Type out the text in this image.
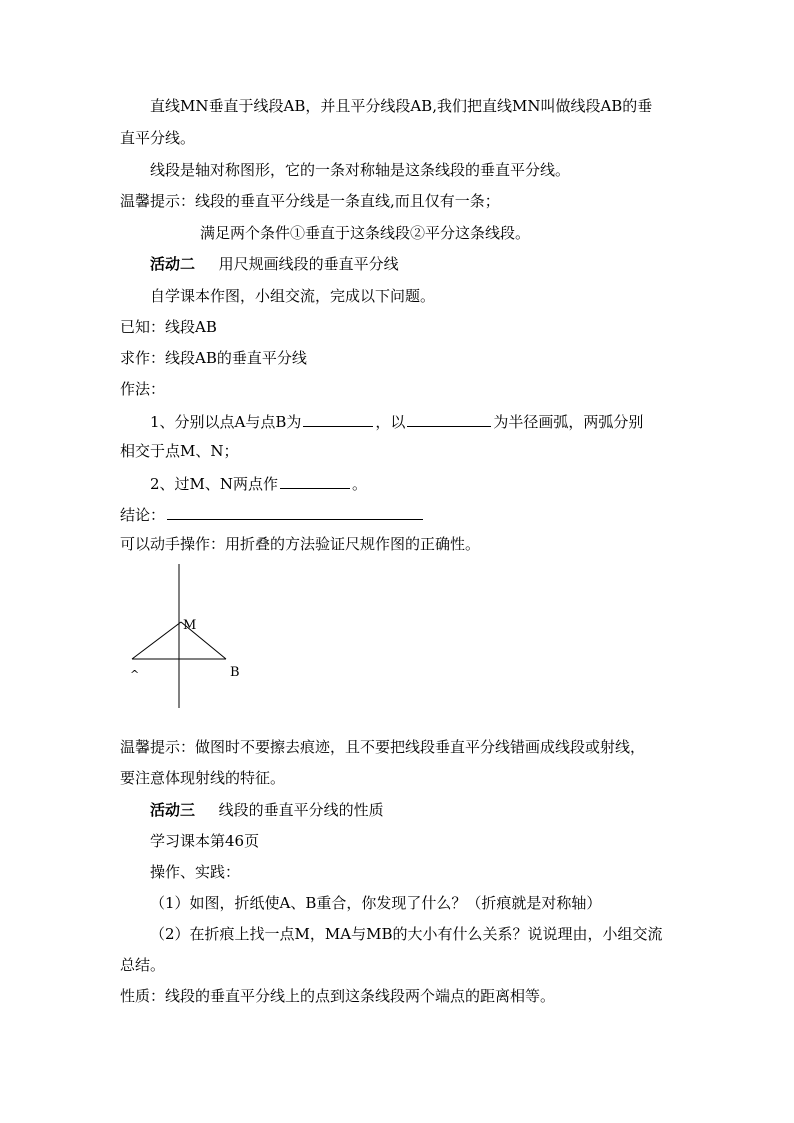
直线MN垂直于线段AB，并且平分线段AB,我们把直线MN叫做线段AB的垂
直平分线。
线段是轴对称图形，它的一条对称轴是这条线段的垂直平分线。
温馨提示：线段的垂直平分线是一条直线,而且仅有一条；
满足两个条件①垂直于这条线段②平分这条线段。
活动二 用尺规画线段的垂直平分线
自学课本作图，小组交流，完成以下问题。
已知：线段AB
求作：线段AB的垂直平分线
作法：
1、分别以点A与点B为	，以	为半径画弧，两弧分别
相交于点M、N；
2、过M、N两点作	。
结论：
可以动手操作：用折叠的方法验证尺规作图的正确性。
M
^	B
温馨提示：做图时不要擦去痕迹，且不要把线段垂直平分线错画成线段或射线，
要注意体现射线的特征。
活动三 线段的垂直平分线的性质
学习课本第46页
操作、实践：
（1）如图，折纸使A、B重合，你发现了什么？（折痕就是对称轴）
（2）在折痕上找一点M，MA与MB的大小有什么关系？说说理由，小组交流
总结。
性质：线段的垂直平分线上的点到这条线段两个端点的距离相等。
